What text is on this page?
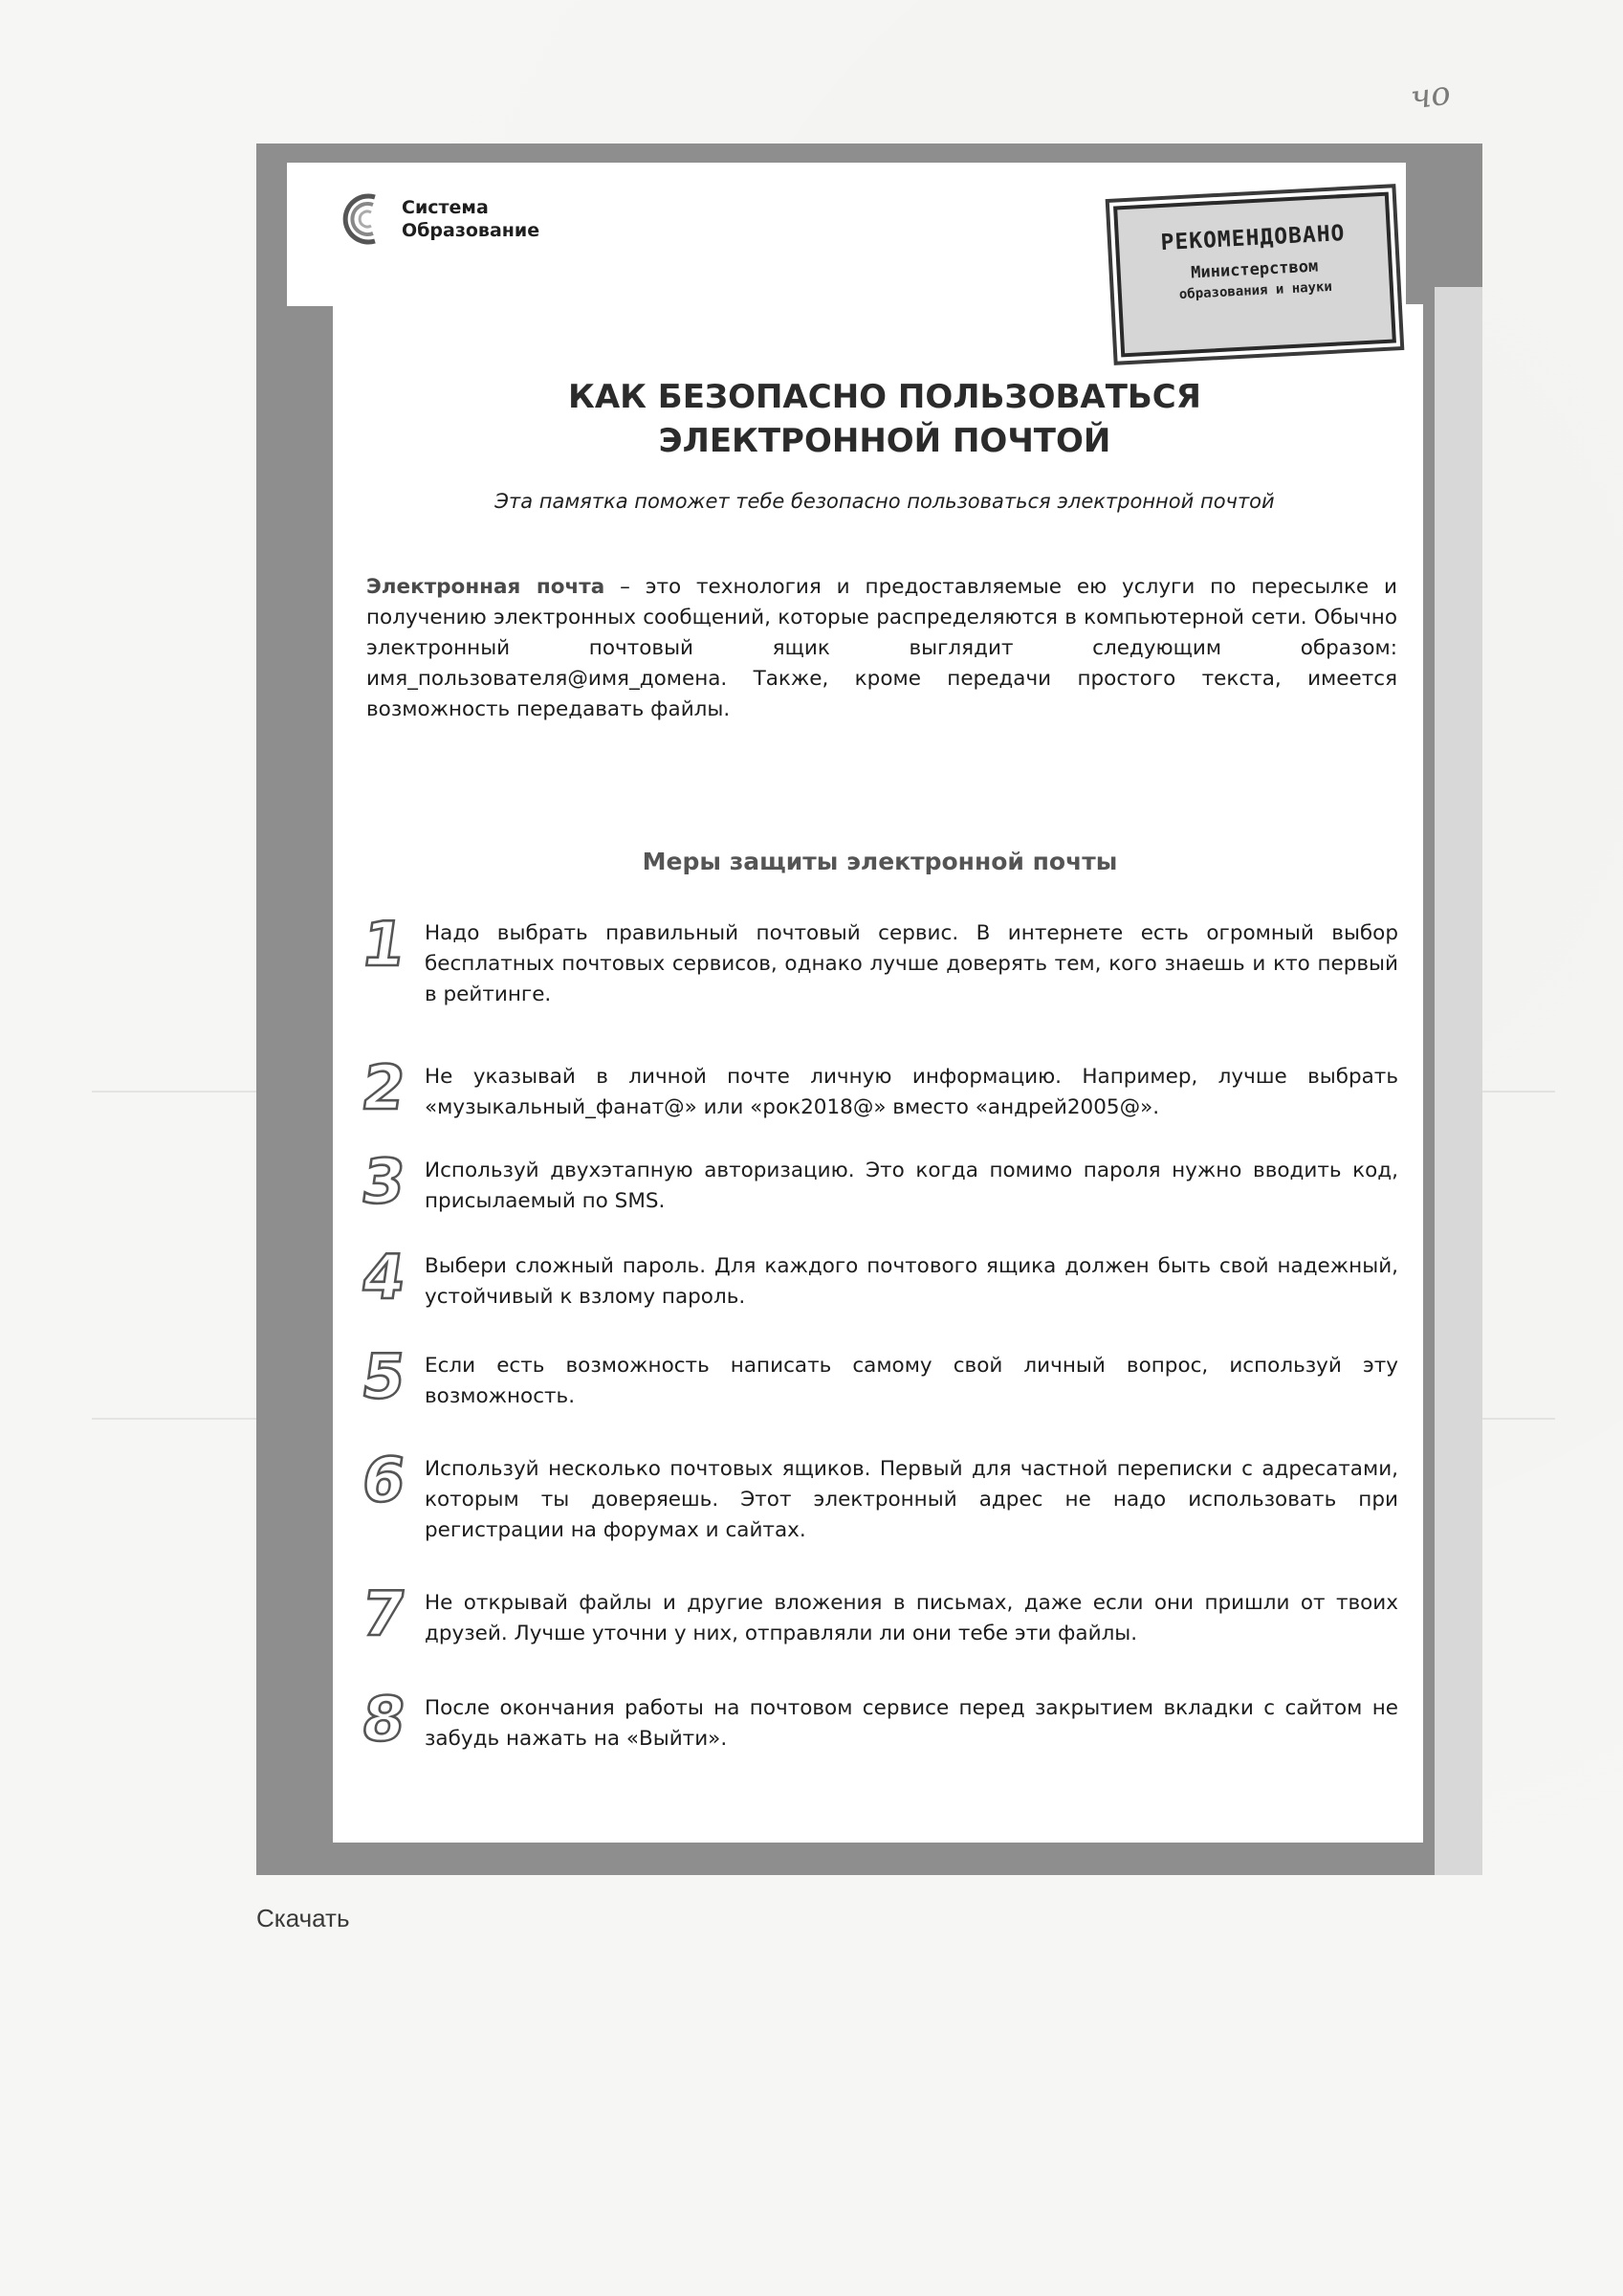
чо
Система
Образование	РЕКОМЕНДОВАНО
Министерством
образования и науки
КАК БЕЗОПАСНО ПОЛЬЗОВАТЬСЯ
ЭЛЕКТРОННОЙ ПОЧТОЙ
Эта памятка поможет тебе безопасно пользоваться электронной почтой
Электронная почта – это технология и предоставляемые ею услуги по пересылке и получению электронных сообщений, которые распределяются в компьютерной сети. Обычно электронный почтовый ящик выглядит следующим образом: имя_пользователя@имя_домена. Также, кроме передачи простого текста, имеется возможность передавать файлы.
Меры защиты электронной почты
1 Надо выбрать правильный почтовый сервис. В интернете есть огромный выбор бесплатных почтовых сервисов, однако лучше доверять тем, кого знаешь и кто первый в рейтинге.
2 Не указывай в личной почте личную информацию. Например, лучше выбрать «музыкальный_фанат@» или «рок2018@» вместо «андрей2005@».
3 Используй двухэтапную авторизацию. Это когда помимо пароля нужно вводить код, присылаемый по SMS.
4 Выбери сложный пароль. Для каждого почтового ящика должен быть свой надежный, устойчивый к взлому пароль.
5 Если есть возможность написать самому свой личный вопрос, используй эту возможность.
6 Используй несколько почтовых ящиков. Первый для частной переписки с адресатами, которым ты доверяешь. Этот электронный адрес не надо использовать при регистрации на форумах и сайтах.
7 Не открывай файлы и другие вложения в письмах, даже если они пришли от твоих друзей. Лучше уточни у них, отправляли ли они тебе эти файлы.
8 После окончания работы на почтовом сервисе перед закрытием вкладки с сайтом не забудь нажать на «Выйти».
Скачать
